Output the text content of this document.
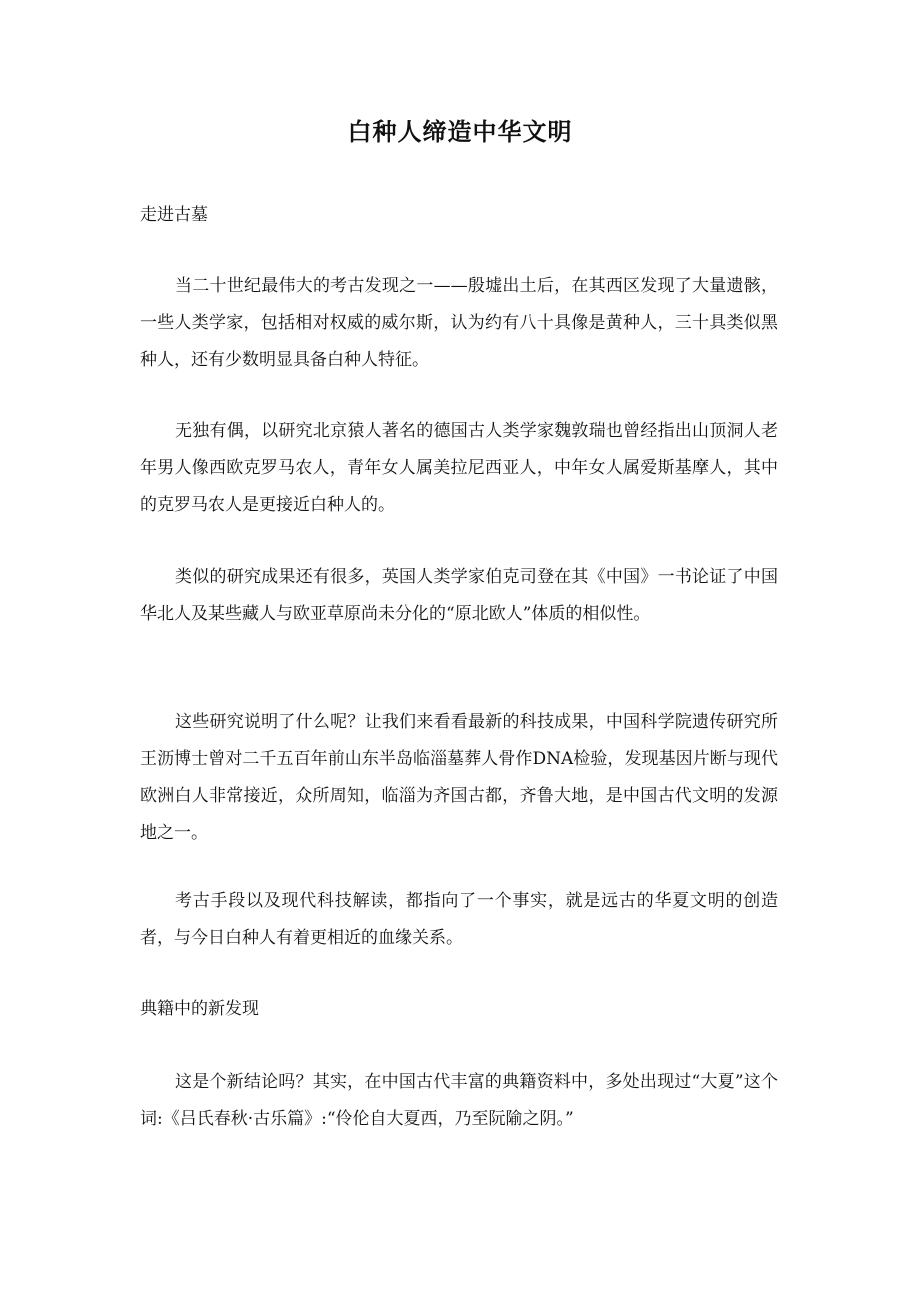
白种人缔造中华文明
走进古墓

当二十世纪最伟大的考古发现之一——殷墟出土后，在其西区发现了大量遗骸，一些人类学家，包括相对权威的威尔斯，认为约有八十具像是黄种人，三十具类似黑种人，还有少数明显具备白种人特征。

无独有偶，以研究北京猿人著名的德国古人类学家魏敦瑞也曾经指出山顶洞人老年男人像西欧克罗马农人，青年女人属美拉尼西亚人，中年女人属爱斯基摩人，其中的克罗马农人是更接近白种人的。

类似的研究成果还有很多，英国人类学家伯克司登在其《中国》一书论证了中国华北人及某些藏人与欧亚草原尚未分化的“原北欧人”体质的相似性。

这些研究说明了什么呢？让我们来看看最新的科技成果，中国科学院遗传研究所王沥博士曾对二千五百年前山东半岛临淄墓葬人骨作DNA检验，发现基因片断与现代欧洲白人非常接近，众所周知，临淄为齐国古都，齐鲁大地，是中国古代文明的发源地之一。

考古手段以及现代科技解读，都指向了一个事实，就是远古的华夏文明的创造者，与今日白种人有着更相近的血缘关系。

典籍中的新发现

这是个新结论吗？其实，在中国古代丰富的典籍资料中，多处出现过“大夏”这个词:《吕氏春秋·古乐篇》:“伶伦自大夏西，乃至阮隃之阴。”
